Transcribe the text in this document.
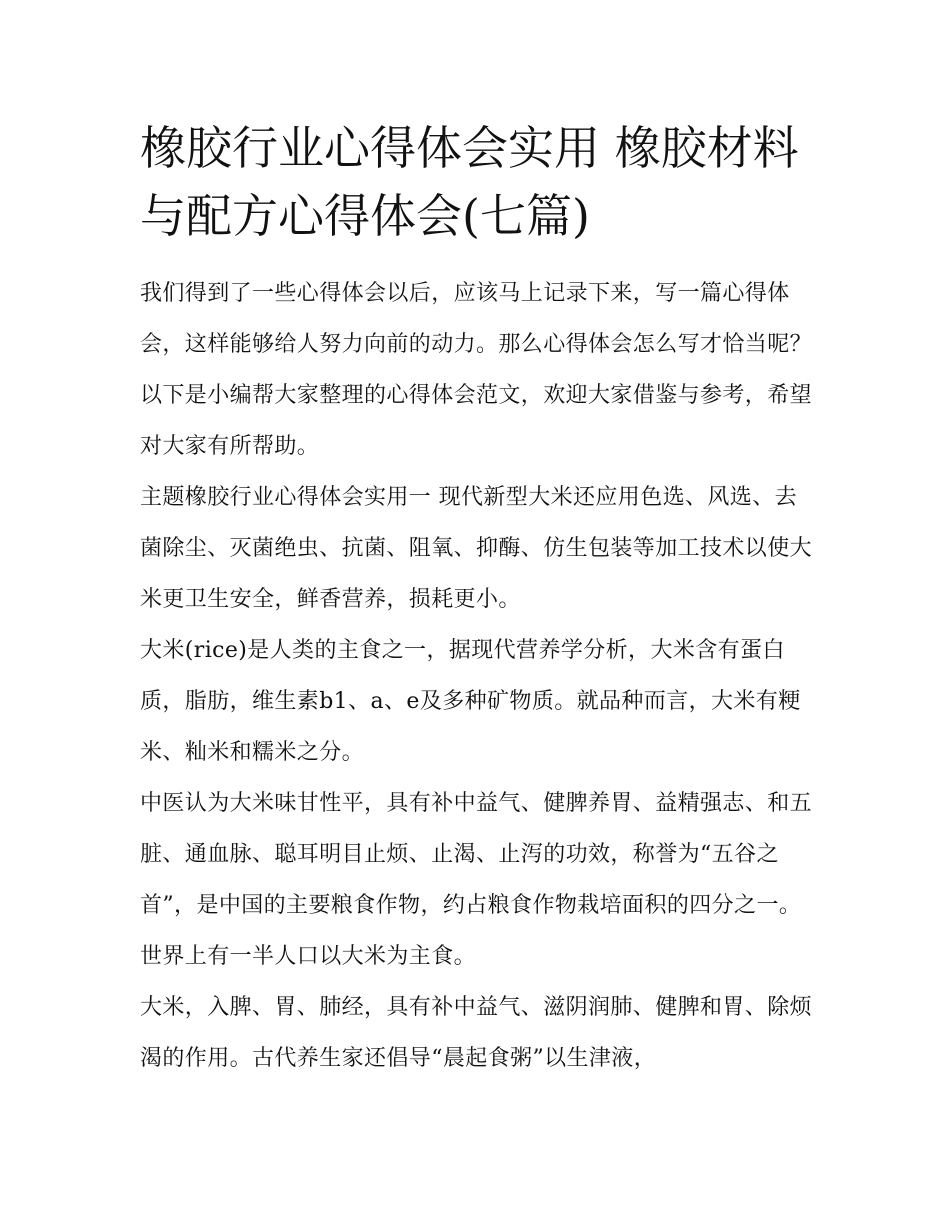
橡胶行业心得体会实用 橡胶材料与配方心得体会(七篇)

我们得到了一些心得体会以后，应该马上记录下来，写一篇心得体会，这样能够给人努力向前的动力。那么心得体会怎么写才恰当呢？以下是小编帮大家整理的心得体会范文，欢迎大家借鉴与参考，希望对大家有所帮助。

主题橡胶行业心得体会实用一 现代新型大米还应用色选、风选、去菌除尘、灭菌绝虫、抗菌、阻氧、抑酶、仿生包装等加工技术以使大米更卫生安全，鲜香营养，损耗更小。

大米(rice)是人类的主食之一，据现代营养学分析，大米含有蛋白质，脂肪，维生素b1、a、e及多种矿物质。就品种而言，大米有粳米、籼米和糯米之分。

中医认为大米味甘性平，具有补中益气、健脾养胃、益精强志、和五脏、通血脉、聪耳明目止烦、止渴、止泻的功效，称誉为“五谷之首”，是中国的主要粮食作物，约占粮食作物栽培面积的四分之一。世界上有一半人口以大米为主食。

大米，入脾、胃、肺经，具有补中益气、滋阴润肺、健脾和胃、除烦渴的作用。古代养生家还倡导“晨起食粥”以生津液，
